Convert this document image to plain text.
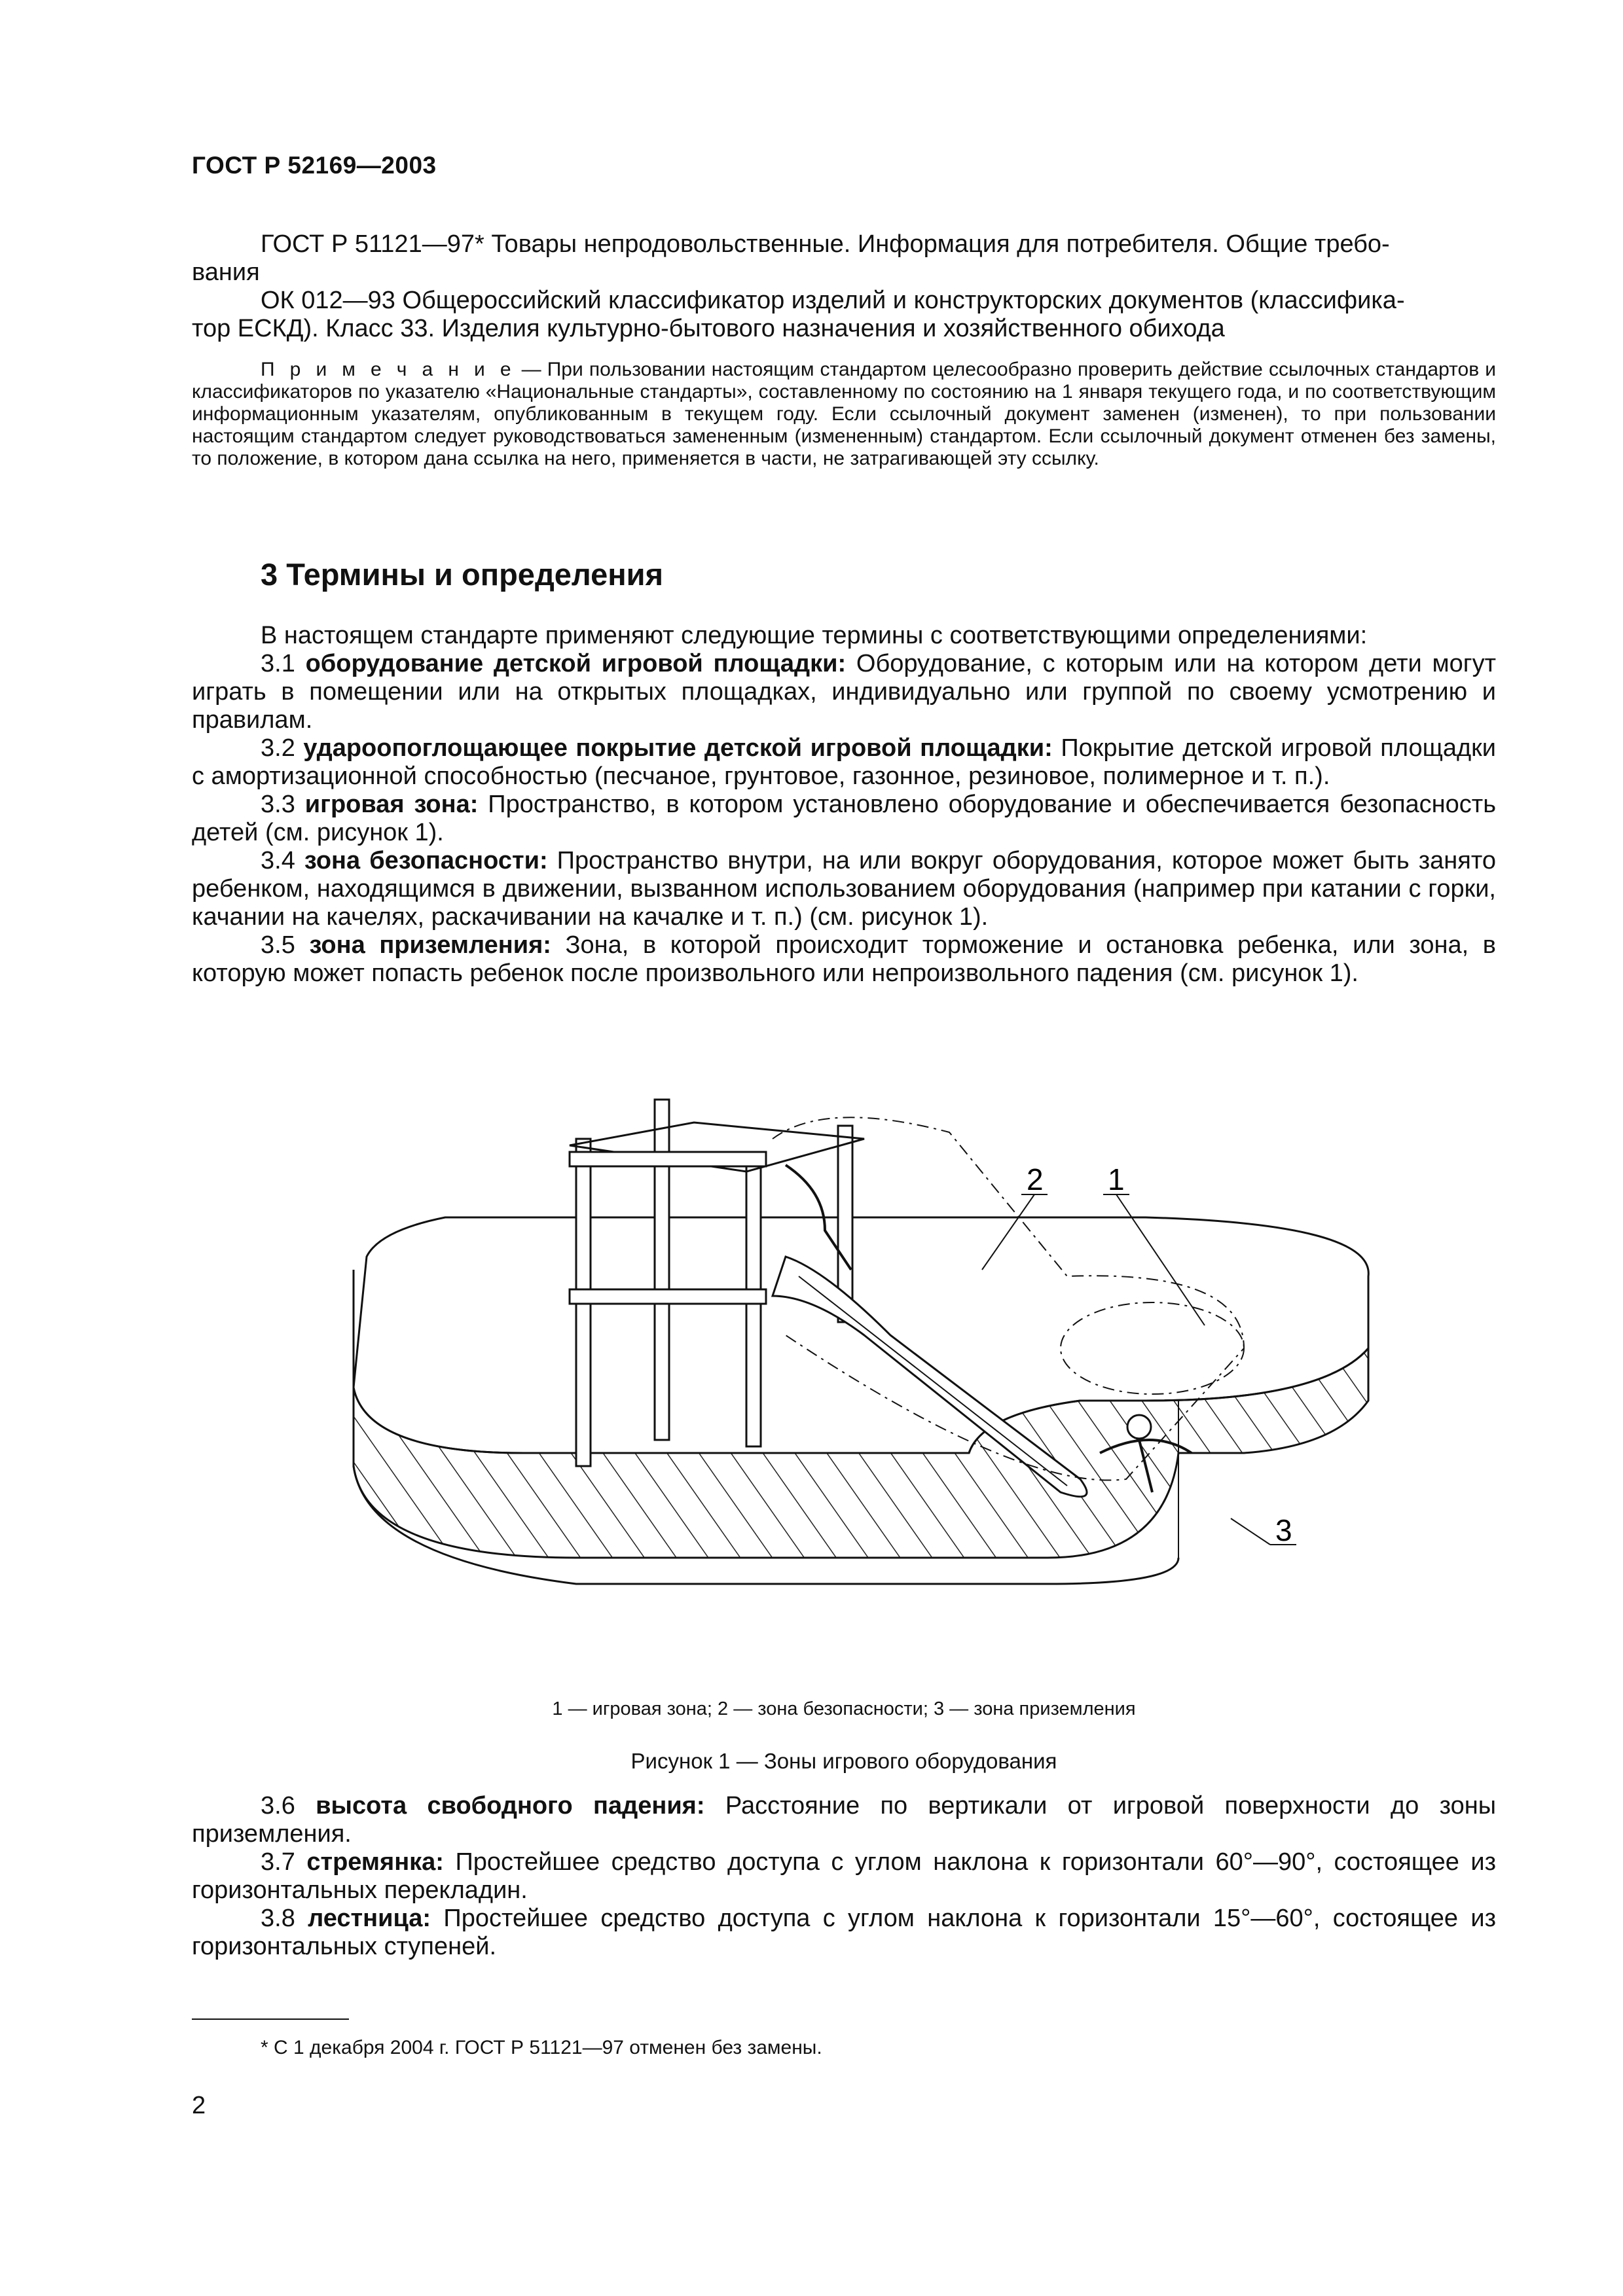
ГОСТ Р 52169—2003
ГОСТ Р 51121—97* Товары непродовольственные. Информация для потребителя. Общие требо-
вания
ОК 012—93 Общероссийский классификатор изделий и конструкторских документов (классифика-
тор ЕСКД). Класс 33. Изделия культурно-бытового назначения и хозяйственного обихода
П р и м е ч а н и е — При пользовании настоящим стандартом целесообразно проверить действие ссылочных стандартов и классификаторов по указателю «Национальные стандарты», составленному по состоянию на 1 января текущего года, и по соответствующим информационным указателям, опубликованным в текущем году. Если ссылочный документ заменен (изменен), то при пользовании настоящим стандартом следует руководствоваться замененным (измененным) стандартом. Если ссылочный документ отменен без замены, то положение, в котором дана ссылка на него, применяется в части, не затрагивающей эту ссылку.
3 Термины и определения
В настоящем стандарте применяют следующие термины с соответствующими определениями:
3.1 оборудование детской игровой площадки: Оборудование, с которым или на котором дети могут играть в помещении или на открытых площадках, индивидуально или группой по своему усмотрению и правилам.
3.2 удароопоглощающее покрытие детской игровой площадки: Покрытие детской игровой площадки с амортизационной способностью (песчаное, грунтовое, газонное, резиновое, полимерное и т. п.).
3.3 игровая зона: Пространство, в котором установлено оборудование и обеспечивается безопасность детей (см. рисунок 1).
3.4 зона безопасности: Пространство внутри, на или вокруг оборудования, которое может быть занято ребенком, находящимся в движении, вызванном использованием оборудования (например при катании с горки, качании на качелях, раскачивании на качалке и т. п.) (см. рисунок 1).
3.5 зона приземления: Зона, в которой происходит торможение и остановка ребенка, или зона, в которую может попасть ребенок после произвольного или непроизвольного падения (см. рисунок 1).
2 1
3
1 — игровая зона; 2 — зона безопасности; 3 — зона приземления
Рисунок 1 — Зоны игрового оборудования
3.6 высота свободного падения: Расстояние по вертикали от игровой поверхности до зоны приземления.
3.7 стремянка: Простейшее средство доступа с углом наклона к горизонтали 60°—90°, состоящее из горизонтальных перекладин.
3.8 лестница: Простейшее средство доступа с углом наклона к горизонтали 15°—60°, состоящее из горизонтальных ступеней.
* С 1 декабря 2004 г. ГОСТ Р 51121—97 отменен без замены.
2
